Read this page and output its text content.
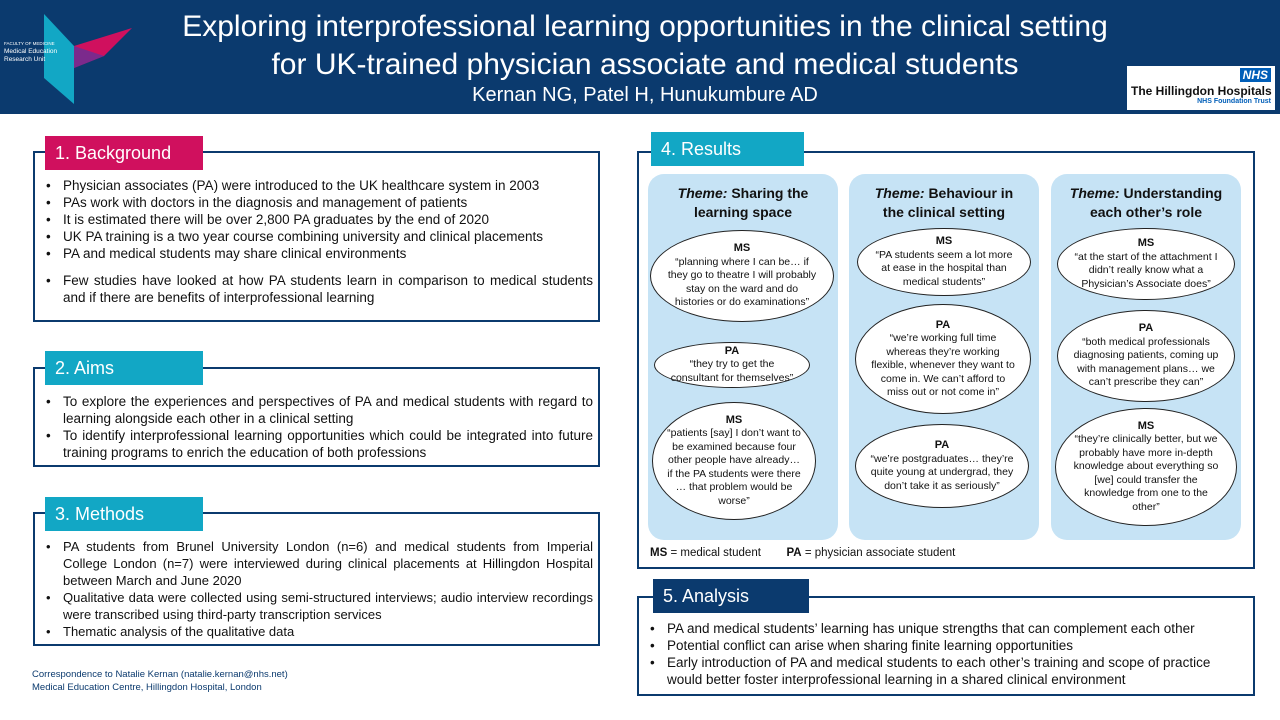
FACULTY OF MEDICINE
Medical Education
Research Unit
Exploring interprofessional learning opportunities in the clinical setting
for UK-trained physician associate and medical students
Kernan NG, Patel H, Hunukumbure AD
NHS
The Hillingdon Hospitals
NHS Foundation Trust
• Physician associates (PA) were introduced to the UK healthcare system in 2003
• PAs work with doctors in the diagnosis and management of patients
• It is estimated there will be over 2,800 PA graduates by the end of 2020
• UK PA training is a two year course combining university and clinical placements
• PA and medical students may share clinical environments
• Few studies have looked at how PA students learn in comparison to medical students and if there are benefits of interprofessional learning
1. Background
• To explore the experiences and perspectives of PA and medical students with regard to learning alongside each other in a clinical setting
• To identify interprofessional learning opportunities which could be integrated into future training programs to enrich the education of both professions
2. Aims
• PA students from Brunel University London (n=6) and medical students from Imperial College London (n=7) were interviewed during clinical placements at Hillingdon Hospital between March and June 2020
• Qualitative data were collected using semi-structured interviews; audio interview recordings were transcribed using third-party transcription services
• Thematic analysis of the qualitative data
3. Methods
Correspondence to Natalie Kernan (natalie.kernan@nhs.net)
Medical Education Centre, Hillingdon Hospital, London
4. Results
Theme: Sharing the
learning space
MS
“planning where I can be… if they go to theatre I will probably stay on the ward and do histories or do examinations”
PA
“they try to get the consultant for themselves”
MS
“patients [say] I don’t want to be examined because four other people have already… if the PA students were there … that problem would be worse”
Theme: Behaviour in
the clinical setting
MS
“PA students seem a lot more at ease in the hospital than medical students”
PA
“we’re working full time whereas they’re working flexible, whenever they want to come in. We can’t afford to miss out or not come in”
PA
“we’re postgraduates… they’re quite young at undergrad, they don’t take it as seriously”
Theme: Understanding
each other’s role
MS
“at the start of the attachment I didn’t really know what a Physician’s Associate does”
PA
“both medical professionals diagnosing patients, coming up with management plans… we can’t prescribe they can”
MS
“they’re clinically better, but we probably have more in-depth knowledge about everything so [we] could transfer the knowledge from one to the other”
MS = medical student PA = physician associate student
• PA and medical students’ learning has unique strengths that can complement each other
• Potential conflict can arise when sharing finite learning opportunities
• Early introduction of PA and medical students to each other’s training and scope of practice would better foster interprofessional learning in a shared clinical environment
5. Analysis
